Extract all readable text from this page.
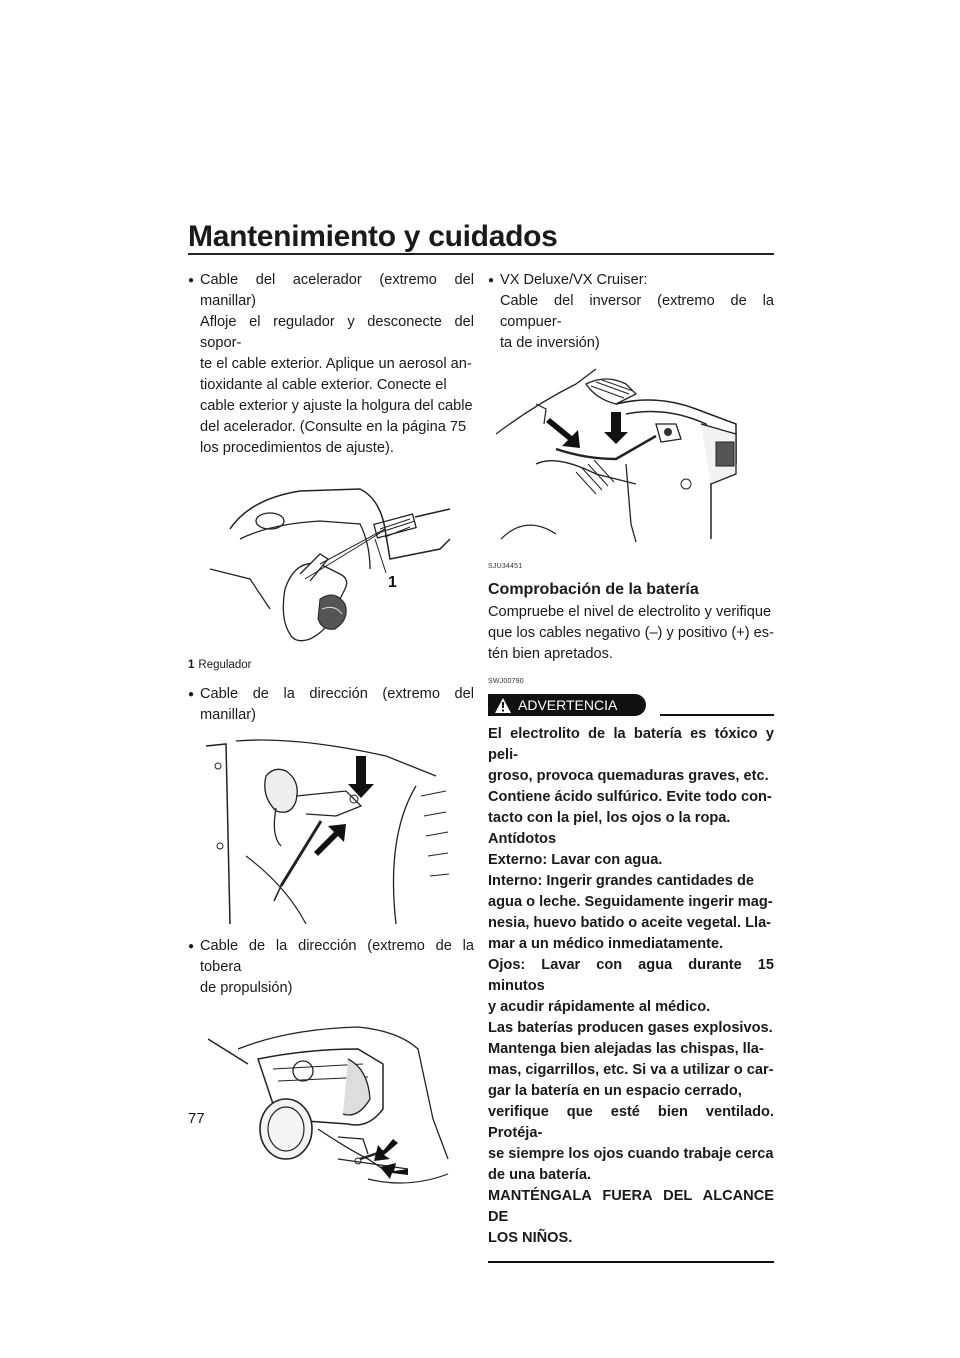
Mantenimiento y cuidados
● Cable del acelerador (extremo del manillar)
Afloje el regulador y desconecte del sopor-
te el cable exterior. Aplique un aerosol an-
tioxidante al cable exterior. Conecte el
cable exterior y ajuste la holgura del cable
del acelerador. (Consulte en la página 75
los procedimientos de ajuste).
1
1 Regulador
● Cable de la dirección (extremo del manillar)
● Cable de la dirección (extremo de la tobera
de propulsión)
● VX Deluxe/VX Cruiser:
Cable del inversor (extremo de la compuer-
ta de inversión)
SJU34451
Comprobación de la batería
Compruebe el nivel de electrolito y verifique
que los cables negativo (–) y positivo (+) es-
tén bien apretados.
SWJ00790
ADVERTENCIA
El electrolito de la batería es tóxico y peli-
groso, provoca quemaduras graves, etc.
Contiene ácido sulfúrico. Evite todo con-
tacto con la piel, los ojos o la ropa.
Antídotos
Externo: Lavar con agua.
Interno: Ingerir grandes cantidades de
agua o leche. Seguidamente ingerir mag-
nesia, huevo batido o aceite vegetal. Lla-
mar a un médico inmediatamente.
Ojos: Lavar con agua durante 15 minutos
y acudir rápidamente al médico.
Las baterías producen gases explosivos.
Mantenga bien alejadas las chispas, lla-
mas, cigarrillos, etc. Si va a utilizar o car-
gar la batería en un espacio cerrado,
verifique que esté bien ventilado. Protéja-
se siempre los ojos cuando trabaje cerca
de una batería.
MANTÉNGALA FUERA DEL ALCANCE DE
LOS NIÑOS.
77
